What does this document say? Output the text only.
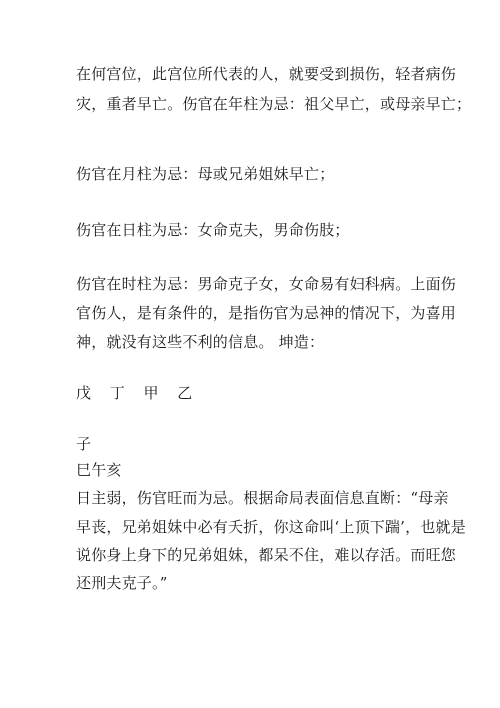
在何宫位，此宫位所代表的人，就要受到损伤，轻者病伤
灾，重者早亡。伤官在年柱为忌：祖父早亡，或母亲早亡；
伤官在月柱为忌：母或兄弟姐妹早亡；
伤官在日柱为忌：女命克夫，男命伤肢；
伤官在时柱为忌：男命克子女，女命易有妇科病。上面伤
官伤人，是有条件的，是指伤官为忌神的情况下，为喜用
神，就没有这些不利的信息。 坤造：
戊 丁 甲 乙
子
巳午亥
日主弱，伤官旺而为忌。根据命局表面信息直断：“母亲
早丧，兄弟姐妹中必有夭折，你这命叫‘上顶下踹’，也就是
说你身上身下的兄弟姐妹，都呆不住，难以存活。而旺您
还刑夫克子。”
